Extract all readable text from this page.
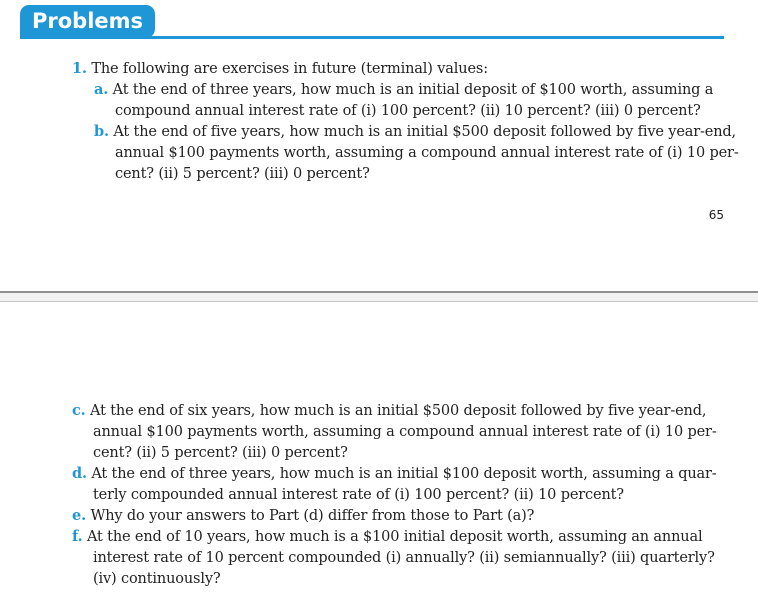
Problems
1. The following are exercises in future (terminal) values:
a. At the end of three years, how much is an initial deposit of $100 worth, assuming a
compound annual interest rate of (i) 100 percent? (ii) 10 percent? (iii) 0 percent?
b. At the end of five years, how much is an initial $500 deposit followed by five year-end,
annual $100 payments worth, assuming a compound annual interest rate of (i) 10 per-
cent? (ii) 5 percent? (iii) 0 percent?
65
c. At the end of six years, how much is an initial $500 deposit followed by five year-end,
annual $100 payments worth, assuming a compound annual interest rate of (i) 10 per-
cent? (ii) 5 percent? (iii) 0 percent?
d. At the end of three years, how much is an initial $100 deposit worth, assuming a quar-
terly compounded annual interest rate of (i) 100 percent? (ii) 10 percent?
e. Why do your answers to Part (d) differ from those to Part (a)?
f. At the end of 10 years, how much is a $100 initial deposit worth, assuming an annual
interest rate of 10 percent compounded (i) annually? (ii) semiannually? (iii) quarterly?
(iv) continuously?
